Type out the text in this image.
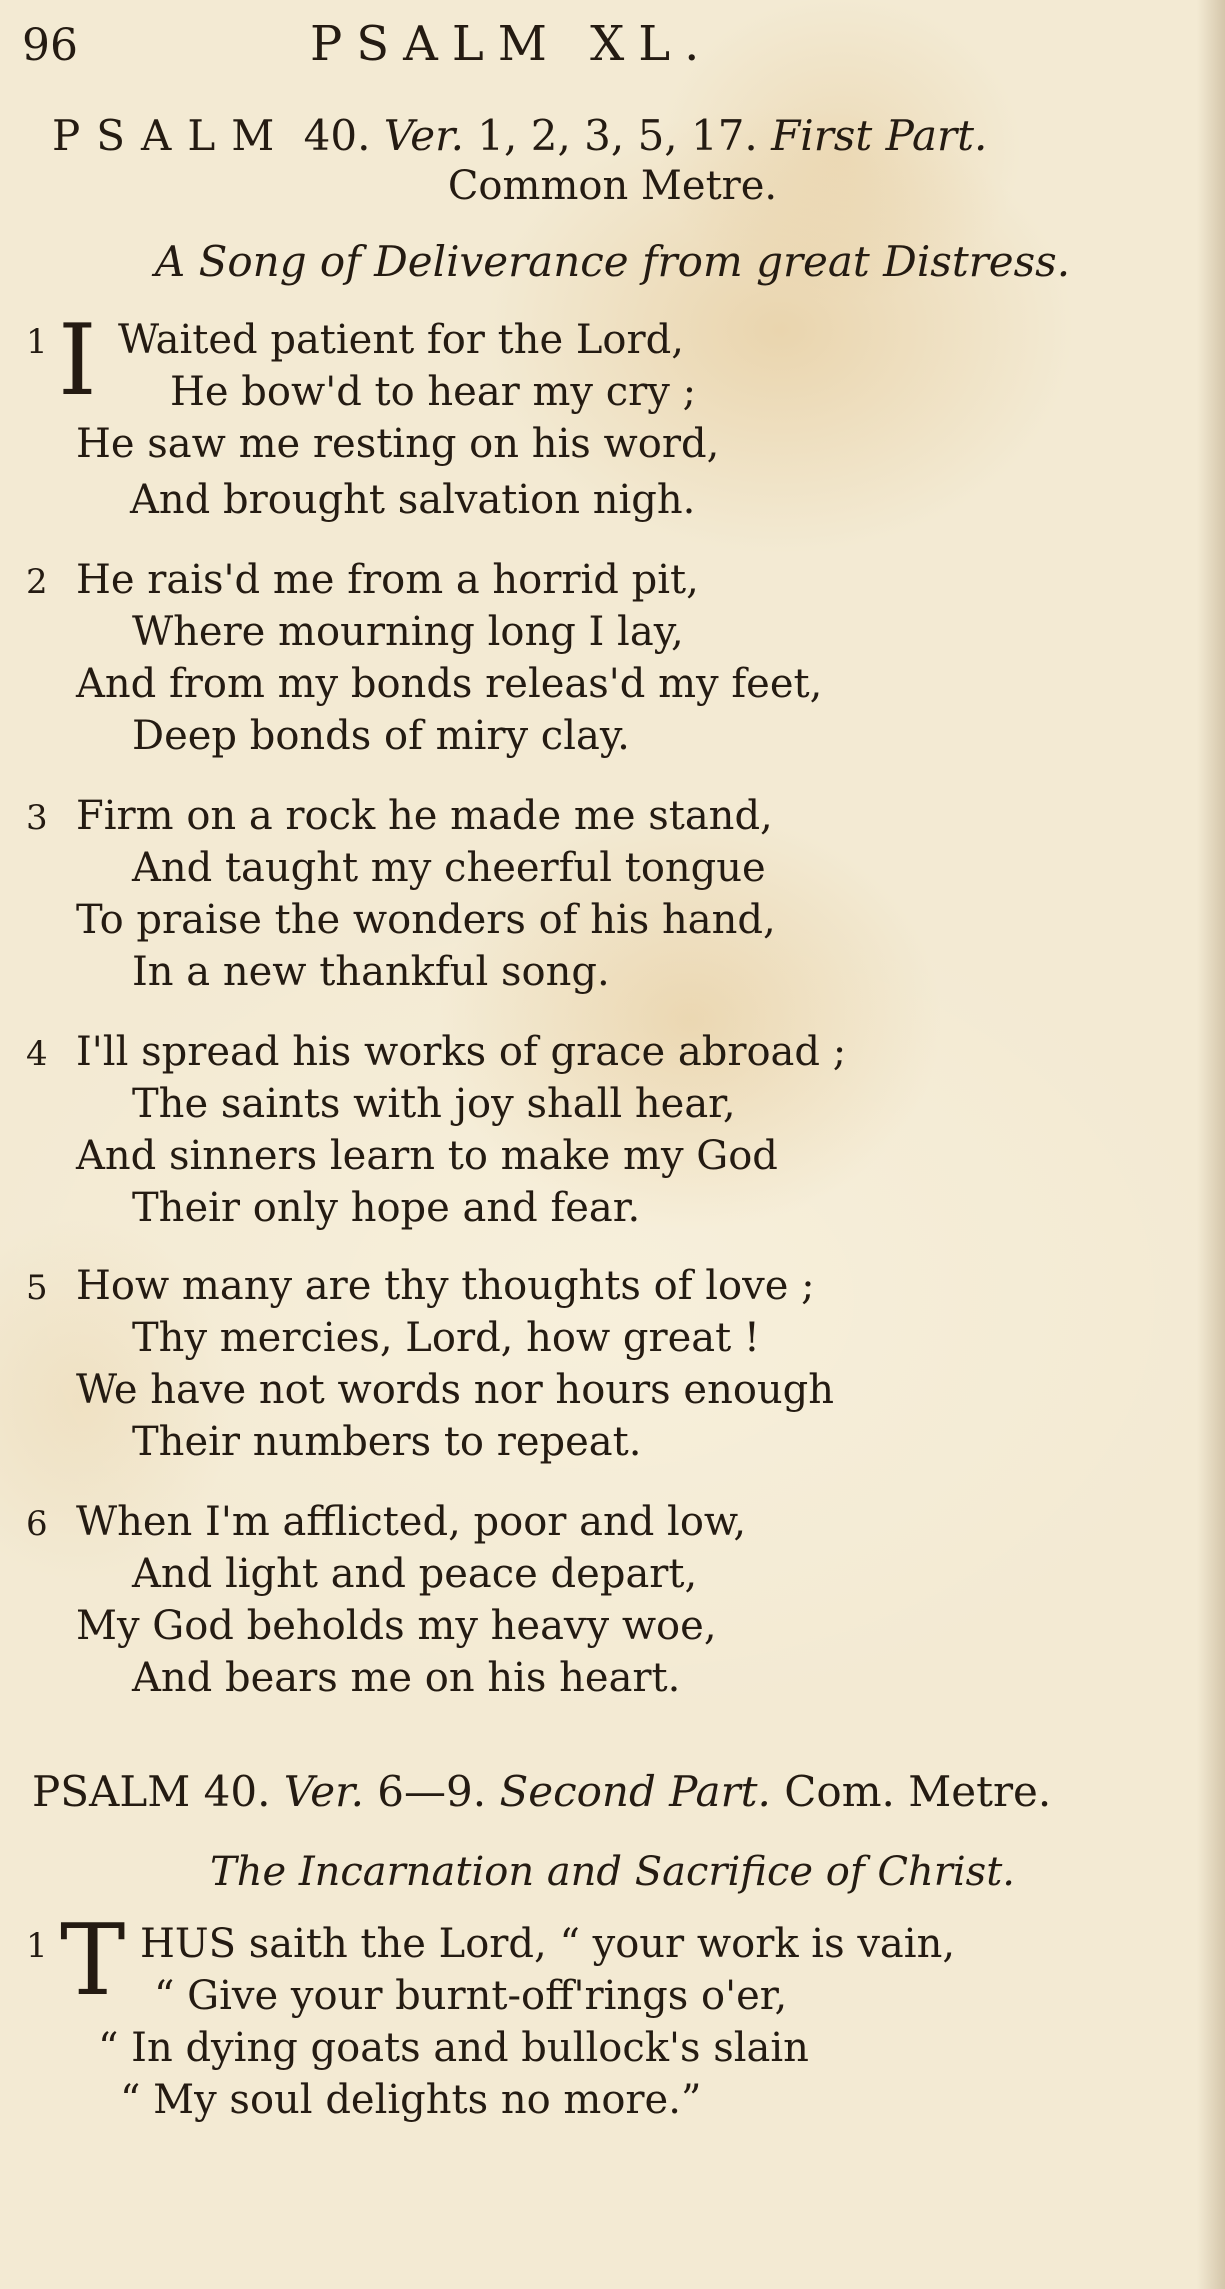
96	PSALM XL.
PSALM 40. Ver. 1, 2, 3, 5, 17. First Part.
Common Metre.
A Song of Deliverance from great Distress.
1 I Waited patient for the Lord,
He bow'd to hear my cry ;
He saw me resting on his word,
And brought salvation nigh.
2 He rais'd me from a horrid pit,
Where mourning long I lay,
And from my bonds releas'd my feet,
Deep bonds of miry clay.
3 Firm on a rock he made me stand,
And taught my cheerful tongue
To praise the wonders of his hand,
In a new thankful song.
4 I'll spread his works of grace abroad ;
The saints with joy shall hear,
And sinners learn to make my God
Their only hope and fear.
5 How many are thy thoughts of love ;
Thy mercies, Lord, how great !
We have not words nor hours enough
Their numbers to repeat.
6 When I'm afflicted, poor and low,
And light and peace depart,
My God beholds my heavy woe,
And bears me on his heart.
PSALM 40. Ver. 6—9. Second Part. Com. Metre.
The Incarnation and Sacrifice of Christ.
1 T HUS saith the Lord, “ your work is vain,
“ Give your burnt-off'rings o'er,
“ In dying goats and bullock's slain
“ My soul delights no more.”
